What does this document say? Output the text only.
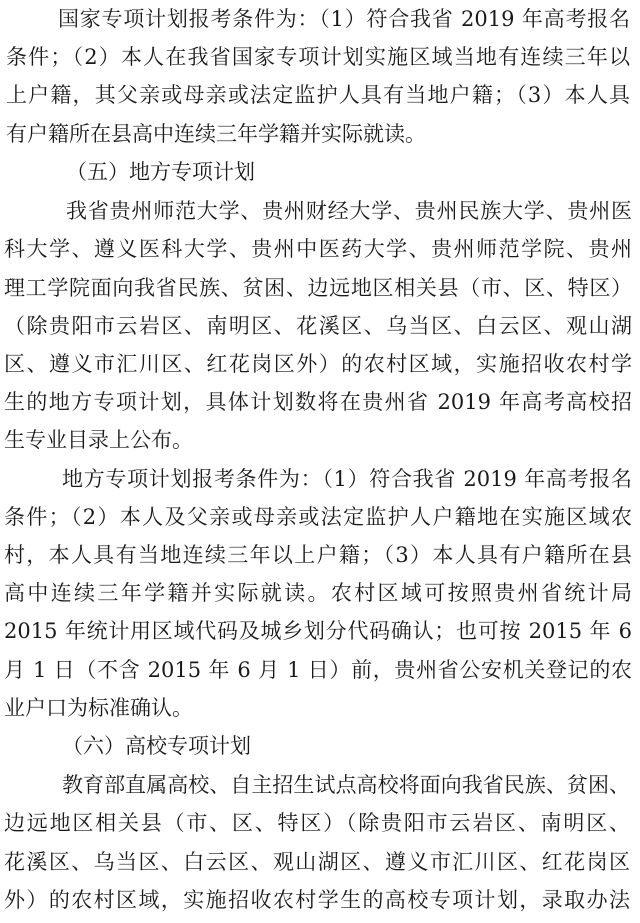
国家专项计划报考条件为：（1）符合我省 2019 年高考报名
条件；（2）本人在我省国家专项计划实施区域当地有连续三年以
上户籍，其父亲或母亲或法定监护人具有当地户籍；（3）本人具
有户籍所在县高中连续三年学籍并实际就读。
（五）地方专项计划
我省贵州师范大学、贵州财经大学、贵州民族大学、贵州医
科大学、遵义医科大学、贵州中医药大学、贵州师范学院、贵州
理工学院面向我省民族、贫困、边远地区相关县（市、区、特区）
（除贵阳市云岩区、南明区、花溪区、乌当区、白云区、观山湖
区、遵义市汇川区、红花岗区外）的农村区域，实施招收农村学
生的地方专项计划，具体计划数将在贵州省 2019 年高考高校招
生专业目录上公布。
地方专项计划报考条件为：（1）符合我省 2019 年高考报名
条件；（2）本人及父亲或母亲或法定监护人户籍地在实施区域农
村，本人具有当地连续三年以上户籍；（3）本人具有户籍所在县
高中连续三年学籍并实际就读。农村区域可按照贵州省统计局
2015 年统计用区域代码及城乡划分代码确认；也可按 2015 年 6
月 1 日（不含 2015 年 6 月 1 日）前，贵州省公安机关登记的农
业户口为标准确认。
（六）高校专项计划
教育部直属高校、自主招生试点高校将面向我省民族、贫困、
边远地区相关县（市、区、特区）（除贵阳市云岩区、南明区、
花溪区、乌当区、白云区、观山湖区、遵义市汇川区、红花岗区
外）的农村区域，实施招收农村学生的高校专项计划，录取办法
